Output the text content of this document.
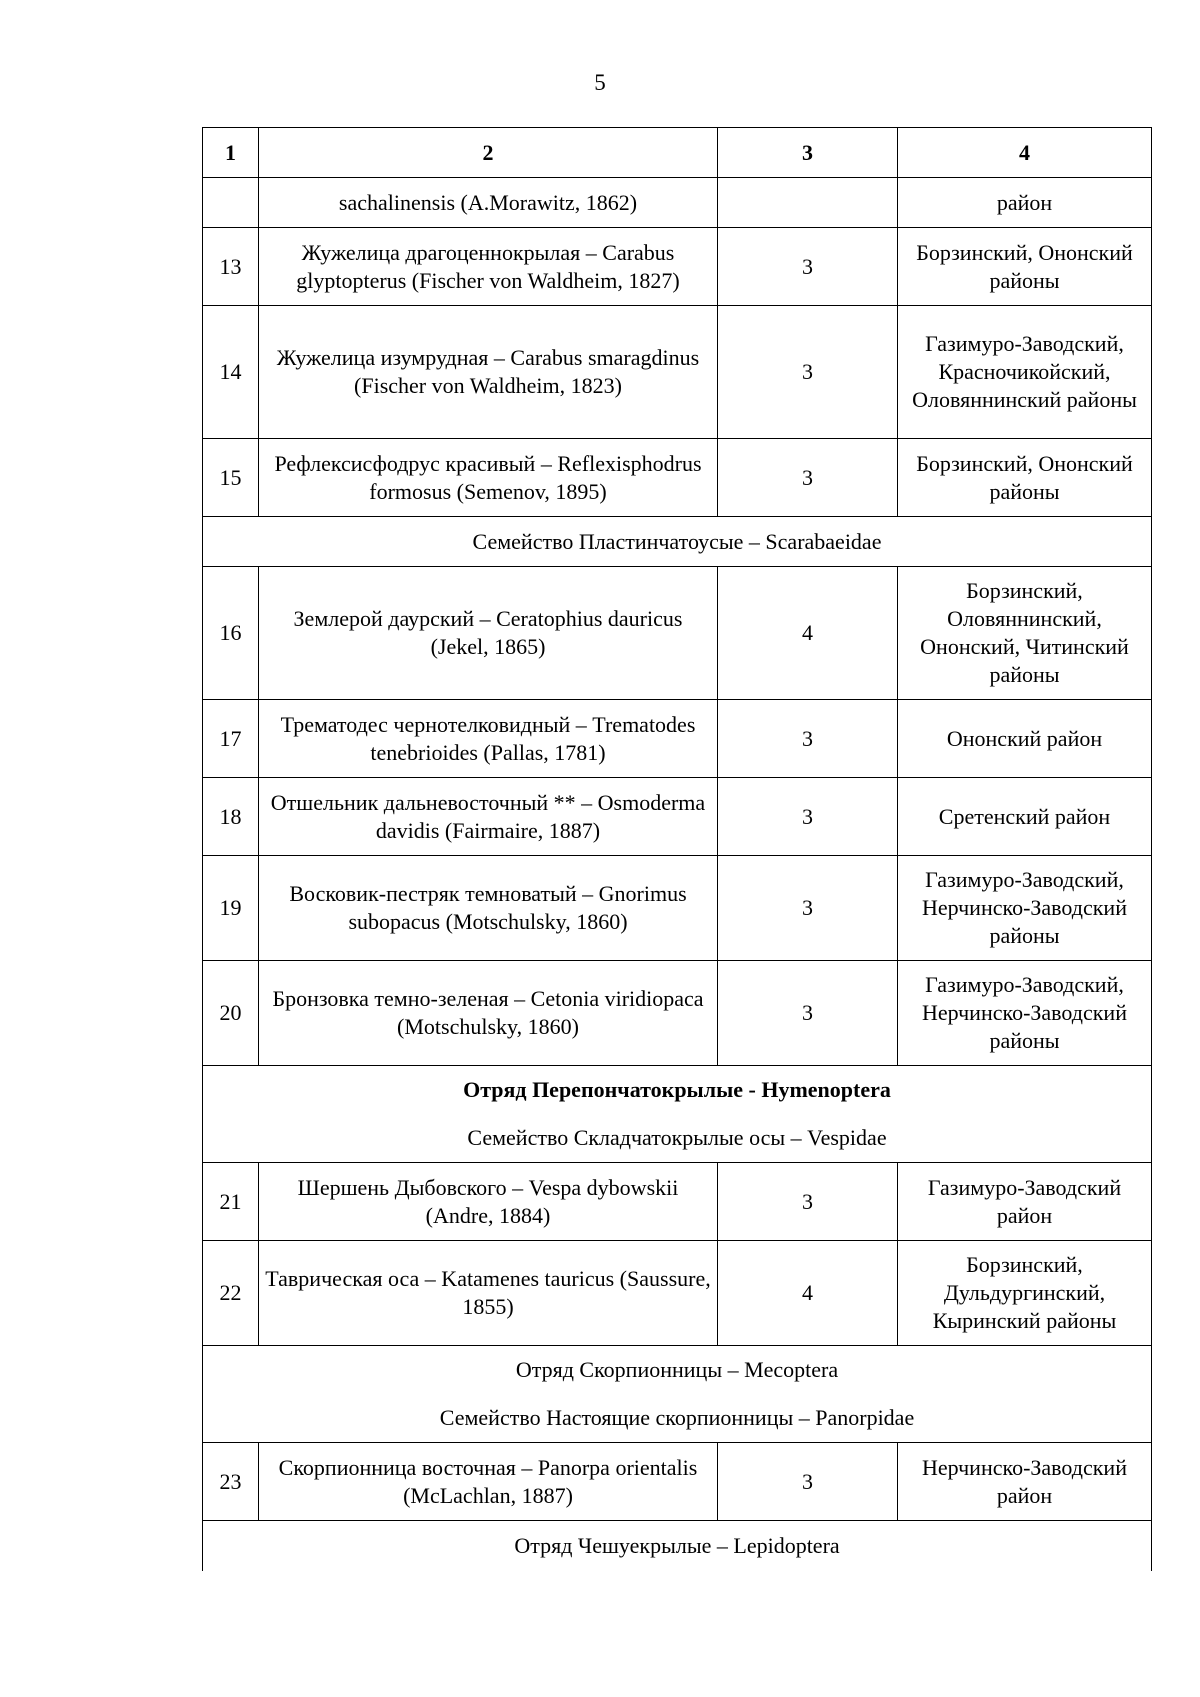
5
1	2	3	4
	sachalinensis (A.Morawitz, 1862)		район
13	Жужелица драгоценнокрылая – Carabus glyptopterus (Fischer von Waldheim, 1827)	3	Борзинский, Ононский районы
14	Жужелица изумрудная – Carabus smaragdinus (Fischer von Waldheim, 1823)	3	Газимуро-Заводский, Красночикойский, Оловяннинский районы
15	Рефлексисфодрус красивый – Reflexisphodrus formosus (Semenov, 1895)	3	Борзинский, Ононский районы

Семейство Пластинчатоусые – Scarabaeidae			

16	Землерой даурский – Ceratophius dauricus (Jekel, 1865)	4	Борзинский, Оловяннинский, Ононский, Читинский районы
17	Трематодес чернотелковидный – Trematodes tenebrioides (Pallas, 1781)	3	Ононский район
18	Отшельник дальневосточный ** – Osmoderma davidis (Fairmaire, 1887)	3	Сретенский район
19	Восковик-пестряк темноватый – Gnorimus subopacus (Motschulsky, 1860)	3	Газимуро-Заводский, Нерчинско-Заводский районы
20	Бронзовка темно-зеленая – Cetonia viridiopaca (Motschulsky, 1860)	3	Газимуро-Заводский, Нерчинско-Заводский районы

Отряд Перепончатокрылые - Hymenoptera
Семейство Складчатокрылые осы – Vespidae			

21	Шершень Дыбовского – Vespa dybowskii (Andre, 1884)	3	Газимуро-Заводский район
22	Таврическая оса – Katamenes tauricus (Saussure, 1855)	4	Борзинский, Дульдургинский, Кыринский районы

Отряд Скорпионницы – Mecoptera
Семейство Настоящие скорпионницы – Panorpidae			

23	Скорпионница восточная – Panorpa orientalis (McLachlan, 1887)	3	Нерчинско-Заводский район

Отряд Чешуекрылые – Lepidoptera			
